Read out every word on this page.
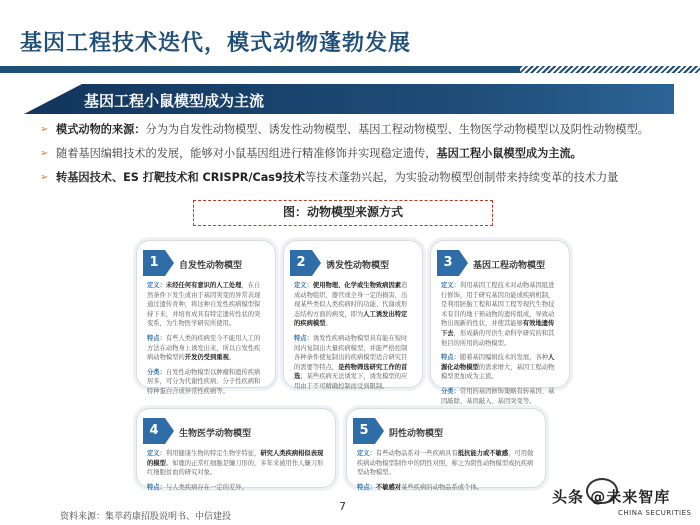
基因工程技术迭代，模式动物蓬勃发展
基因工程小鼠模型成为主流
➢ 模式动物的来源：分为为自发性动物模型、诱发性动物模型、基因工程动物模型、生物医学动物模型以及阴性动物模型。
➢ 随着基因编辑技术的发展，能够对小鼠基因组进行精准修饰并实现稳定遗传，基因工程小鼠模型成为主流。
➢ 转基因技术、ES 打靶技术和 CRISPR/Cas9技术等技术蓬勃兴起，为实验动物模型创制带来持续变革的技术力量
图：动物模型来源方式
1	自发性动物模型

定义：未经任何有意识的人工处理，在自然条件下发生或由于基因突变的异常表现通过遗传育种，将这种自发性疾病模型保持下来，并培育成具有特定遗传性状的突变系，为生物医学研究所使用。

特点：有些人类的疾病至今不能用人工的方法在动物身上诱发出来，所以自发性疾病动物模型的开发仍受到重视。

分类：自发性动物模型以肿瘤和遗传疾病居多，可分为代谢性疾病、分子性疾病和特种蛋白合成异常性疾病等。

2	诱发性动物模型

定义：使用物理、化学或生物致病因素造成动物组织、器官或全身一定的损害，出现某些类似人类疾病时的功能、代谢或形态结构方面的病变，即为人工诱发出特定的疾病模型。

特点：诱发性疾病动物模型具有能在短时间内复制出大量疾病模型，并能严格控制各种条件使复制出的疾病模型适合研究目的需要等特点，是药物筛选研究工作的首选；某些疾病无法诱发下，诱发模型的应用由于不可精确控制而受到限制。

3	基因工程动物模型

定义：利用基因工程技术对动物基因组进行修饰，用于研究基因功能或疾病机制，是利用胚胎工程和基因工程等现代生物技术有目的地干预动物的遗传组成，导致动物出现新的性状，并使其能够有效地遗传下去，形成新的可供生命科学研究的和其他目的所用的动物模型。

特点：随着基因编辑技术的发展，各种人源化动物模型的需求增大，基因工程动物模型更加成为主流。

分类：常用的基因修饰策略有转基因、基因敲除、基因敲入、基因突变等。

4	生物医学动物模型

定义：利用健康生物的特定生物学特征，研究人类疾病相似表现的模型。如鹿的正常红细胞是镰刀形的，多年来被用作人镰刀形红细胞贫血的研究对象。

特点：与人类疾病存在一定的差异。

5	阴性动物模型

定义：有些动物品系对一些疾病具有抵抗能力或不敏感，可用做疾病动物模型制作中的阴性对照，称之为阴性动物模型或抗疾病型动物模型。

特点：不敏感对某些疾病的动物品系或个体。

资料来源：集萃药康招股说明书、中信建投
7
头条 @未来智库
CHINA SECURITIES
